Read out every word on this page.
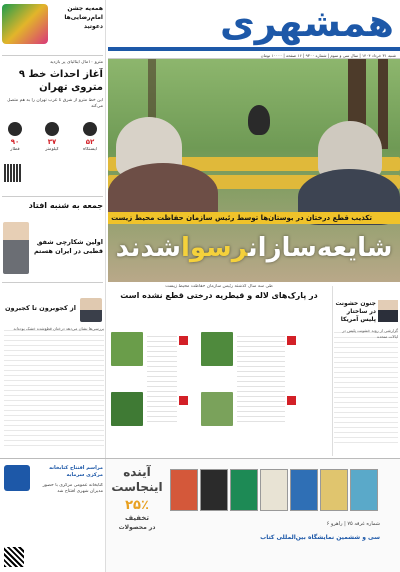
همشهری
شنبه ۳۱ خرداد ۱۴۰۴ | سال سی و سوم | شماره ۹۳۰۰ | ۱۶ صفحه | ۱۰۰۰۰ تومان
همه‌یه جشن
امام‌رضایی‌ها
دعوتید
مترو ۱۰مال ایتالیای پر بازدید
آغاز احداث خط ۹ متروی تهران
این خط مترو از شرق تا غرب تهران را به هم متصل می‌کند
۵۲
۳۷
۹۰
ایستگاه
کیلومتر
قطار
جمعه به شنبه افتاد
اولین شکارچی شفق قطبی در ایران هستم
تکذیب قطع درختان در بوستان‌ها توسط رئیس سازمان حفاظت محیط زیست
شایعه‌سازانرسواشدند
از کجوبرون تا کجبرون
بررسی‌ها نشان می‌دهد درختان قطع‌شده خشک بوده‌اند
جنون خشونت در ساختار پلیس آمریکا
گزارشی از روند خشونت پلیس در ایالات متحده
طی سه سال گذشته رئیس سازمان حفاظت محیط زیست
در پارک‌های لاله و قیطریه درختی قطع نشده است
مراسم افتتاح کتابخانه مرکزی سرمایه
کتابخانه عمومی مرکزی با حضور مدیران شهری افتتاح شد
آینده اینجاست
۲۵٪
تخفیف
در محصولات	شماره غرفه ۷۵ | راهرو ۶
سی و ششمین نمایشگاه بین‌المللی کتاب
